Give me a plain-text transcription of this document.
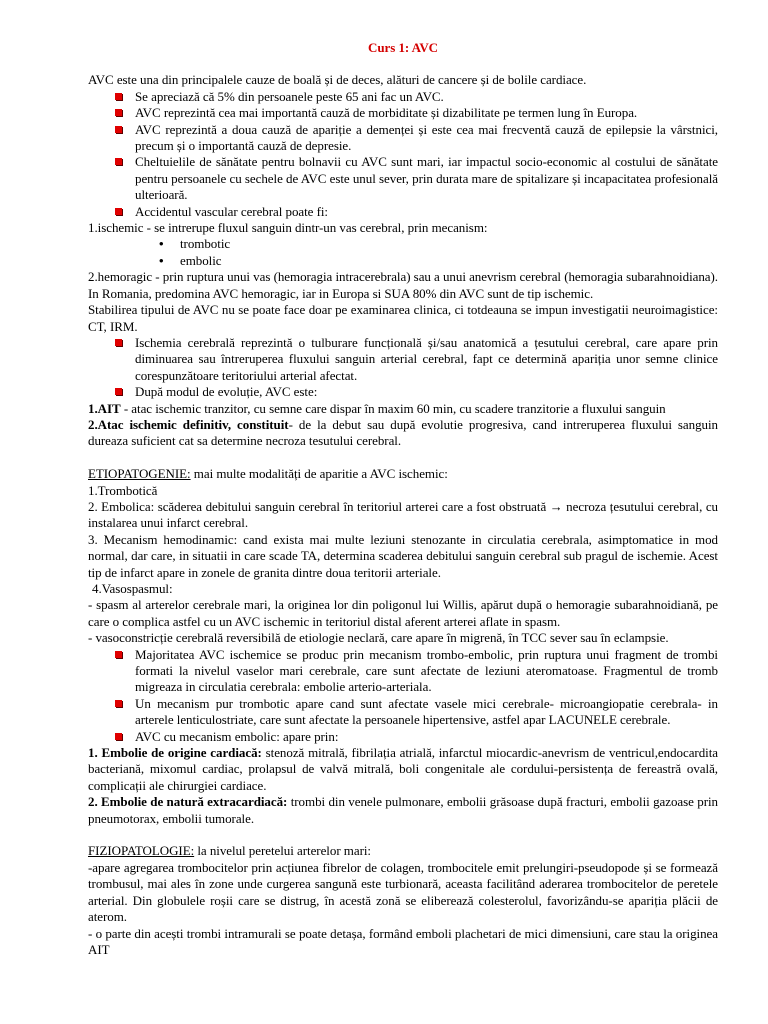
Curs 1: AVC

AVC este una din principalele cauze de boală și de deces, alături de cancere și de bolile cardiace.

Se apreciază că 5% din persoanele peste 65 ani fac un AVC.
AVC reprezintă cea mai importantă cauză de morbiditate și dizabilitate pe termen lung în Europa.
AVC reprezintă a doua cauză de apariție a demenței și este cea mai frecventă cauză de epilepsie la vârstnici, precum și o importantă cauză de depresie.
Cheltuielile de sănătate pentru bolnavii cu AVC sunt mari, iar impactul socio-economic al costului de sănătate pentru persoanele cu sechele de AVC este unul sever, prin durata mare de spitalizare și incapacitatea profesională ulterioară.
Accidentul vascular cerebral poate fi:

1.ischemic - se intrerupe fluxul sanguin dintr-un vas cerebral, prin mecanism:

• trombotic
• embolic

2.hemoragic - prin ruptura unui vas (hemoragia intracerebrala) sau a unui anevrism cerebral (hemoragia subarahnoidiana).

In Romania, predomina AVC hemoragic, iar in Europa si SUA 80% din AVC sunt de tip ischemic.

Stabilirea tipului de AVC nu se poate face doar pe examinarea clinica, ci totdeauna se impun investigatii neuroimagistice: CT, IRM.

Ischemia cerebrală reprezintă o tulburare funcțională și/sau anatomică a țesutului cerebral, care apare prin diminuarea sau întreruperea fluxului sanguin arterial cerebral, fapt ce determină apariția unor semne clinice corespunzătoare teritoriului arterial afectat.
După modul de evoluție, AVC este:

1.AIT - atac ischemic tranzitor, cu semne care dispar în maxim 60 min, cu scadere tranzitorie a fluxului sanguin

2.Atac ischemic definitiv, constituit- de la debut sau după evolutie progresiva, cand intreruperea fluxului sanguin dureaza suficient cat sa determine necroza tesutului cerebral.

ETIOPATOGENIE: mai multe modalități de aparitie a AVC ischemic:

1.Trombotică

2. Embolica: scăderea debitului sanguin cerebral în teritoriul arterei care a fost obstruată → necroza țesutului cerebral, cu instalarea unui infarct cerebral.

3. Mecanism hemodinamic: cand exista mai multe leziuni stenozante in circulatia cerebrala, asimptomatice in mod normal, dar care, in situatii in care scade TA, determina scaderea debitului sanguin cerebral sub pragul de ischemie. Acest tip de infarct apare in zonele de granita dintre doua teritorii arteriale.

4.Vasospasmul:

- spasm al arterelor cerebrale mari, la originea lor din poligonul lui Willis, apărut după o hemoragie subarahnoidiană, pe care o complica astfel cu un AVC ischemic in teritoriul distal aferent arterei aflate in spasm.

- vasoconstricție cerebrală reversibilă de etiologie neclară, care apare în migrenă, în TCC sever sau în eclampsie.

Majoritatea AVC ischemice se produc prin mecanism trombo-embolic, prin ruptura unui fragment de trombi formati la nivelul vaselor mari cerebrale, care sunt afectate de leziuni ateromatoase. Fragmentul de tromb migreaza in circulatia cerebrala: embolie arterio-arteriala.
Un mecanism pur trombotic apare cand sunt afectate vasele mici cerebrale- microangiopatie cerebrala- in arterele lenticulostriate, care sunt afectate la persoanele hipertensive, astfel apar LACUNELE cerebrale.
AVC cu mecanism embolic: apare prin:

1. Embolie de origine cardiacă: stenoză mitrală, fibrilația atrială, infarctul miocardic-anevrism de ventricul,endocardita bacteriană, mixomul cardiac, prolapsul de valvă mitrală, boli congenitale ale cordului-persistența de fereastră ovală, complicații ale chirurgiei cardiace.

2. Embolie de natură extracardiacă: trombi din venele pulmonare, embolii grăsoase după fracturi, embolii gazoase prin pneumotorax, embolii tumorale.

FIZIOPATOLOGIE: la nivelul peretelui arterelor mari:

-apare agregarea trombocitelor prin acțiunea fibrelor de colagen, trombocitele emit prelungiri-pseudopode și se formează trombusul, mai ales în zone unde curgerea sangună este turbionară, aceasta facilitând aderarea trombocitelor de peretele arterial. Din globulele roșii care se distrug, în acestă zonă se eliberează colesterolul, favorizându-se apariția plăcii de aterom.

- o parte din acești trombi intramurali se poate detașa, formând emboli plachetari de mici dimensiuni, care stau la originea AIT
